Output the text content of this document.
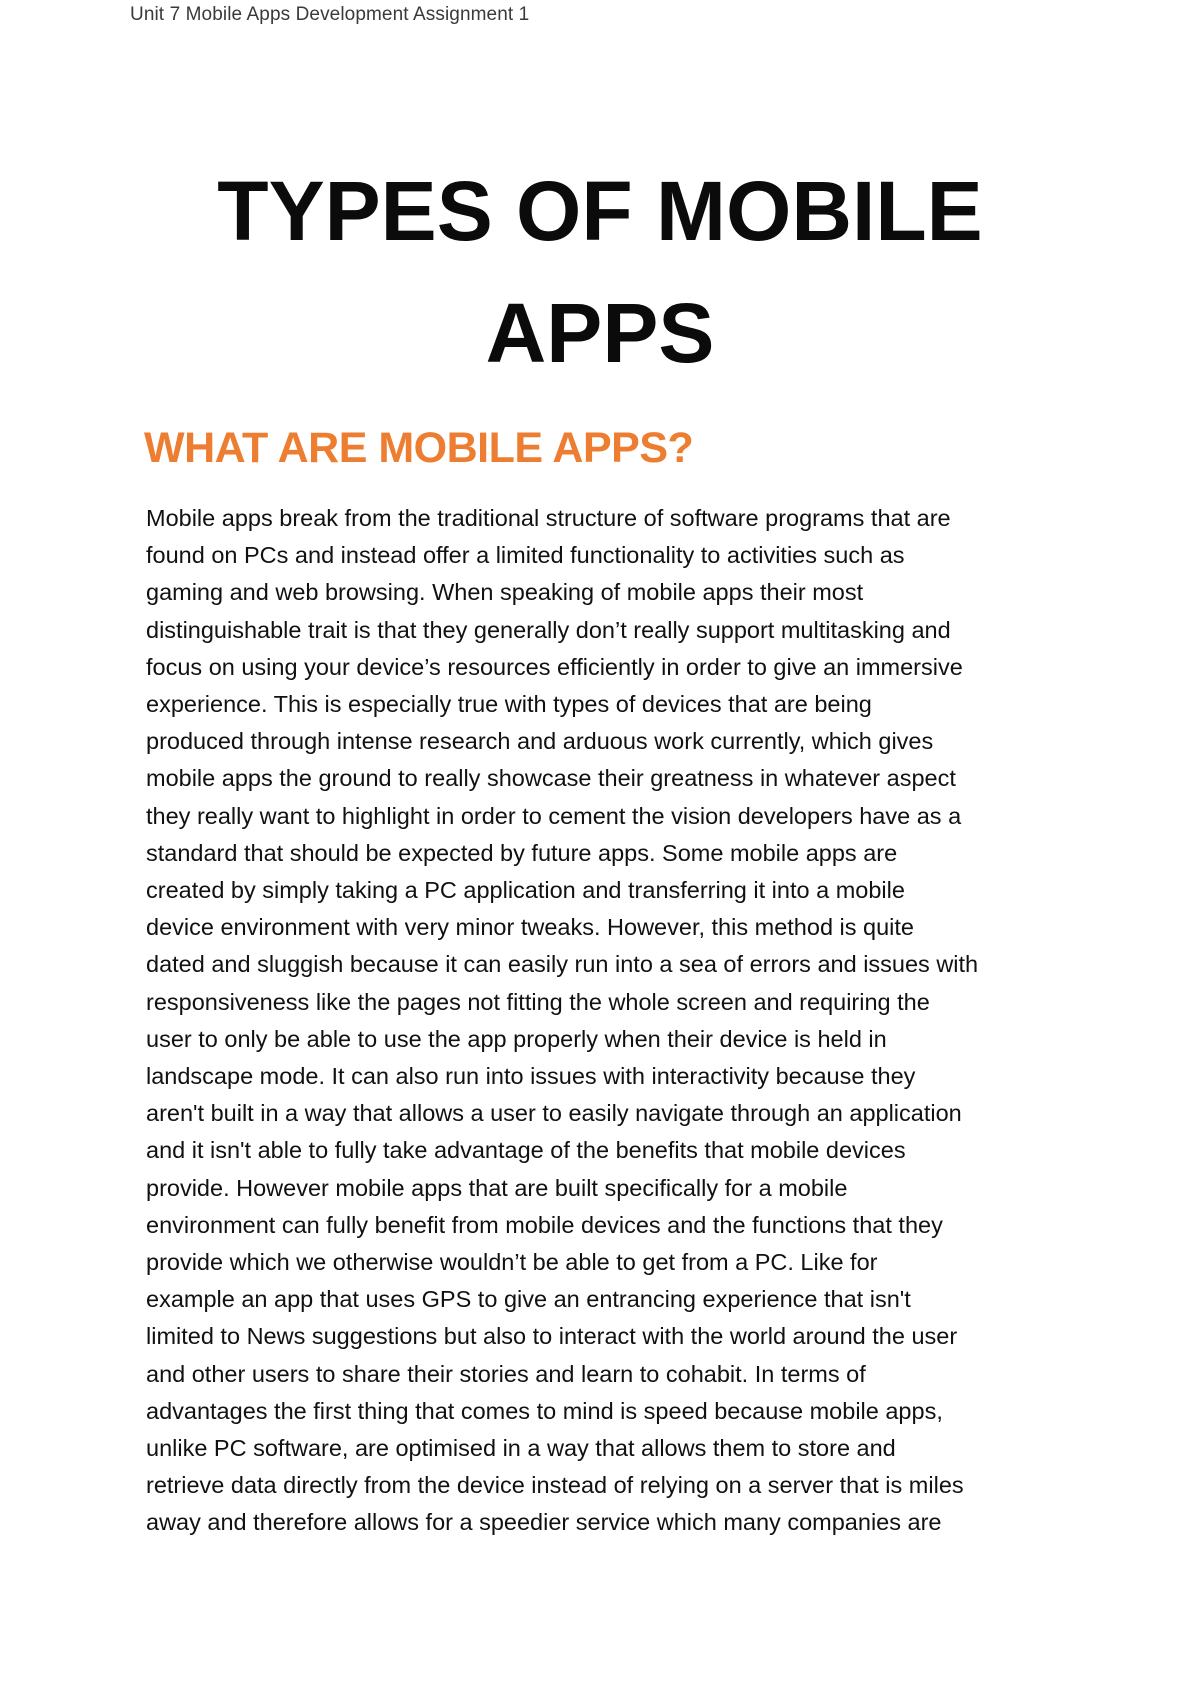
Unit 7 Mobile Apps Development Assignment 1
TYPES OF MOBILE
APPS
WHAT ARE MOBILE APPS?

Mobile apps break from the traditional structure of software programs that are
found on PCs and instead offer a limited functionality to activities such as
gaming and web browsing. When speaking of mobile apps their most
distinguishable trait is that they generally don’t really support multitasking and
focus on using your device’s resources efficiently in order to give an immersive
experience. This is especially true with types of devices that are being
produced through intense research and arduous work currently, which gives
mobile apps the ground to really showcase their greatness in whatever aspect
they really want to highlight in order to cement the vision developers have as a
standard that should be expected by future apps. Some mobile apps are
created by simply taking a PC application and transferring it into a mobile
device environment with very minor tweaks. However, this method is quite
dated and sluggish because it can easily run into a sea of errors and issues with
responsiveness like the pages not fitting the whole screen and requiring the
user to only be able to use the app properly when their device is held in
landscape mode. It can also run into issues with interactivity because they
aren't built in a way that allows a user to easily navigate through an application
and it isn't able to fully take advantage of the benefits that mobile devices
provide. However mobile apps that are built specifically for a mobile
environment can fully benefit from mobile devices and the functions that they
provide which we otherwise wouldn’t be able to get from a PC. Like for
example an app that uses GPS to give an entrancing experience that isn't
limited to News suggestions but also to interact with the world around the user
and other users to share their stories and learn to cohabit. In terms of
advantages the first thing that comes to mind is speed because mobile apps,
unlike PC software, are optimised in a way that allows them to store and
retrieve data directly from the device instead of relying on a server that is miles
away and therefore allows for a speedier service which many companies are
